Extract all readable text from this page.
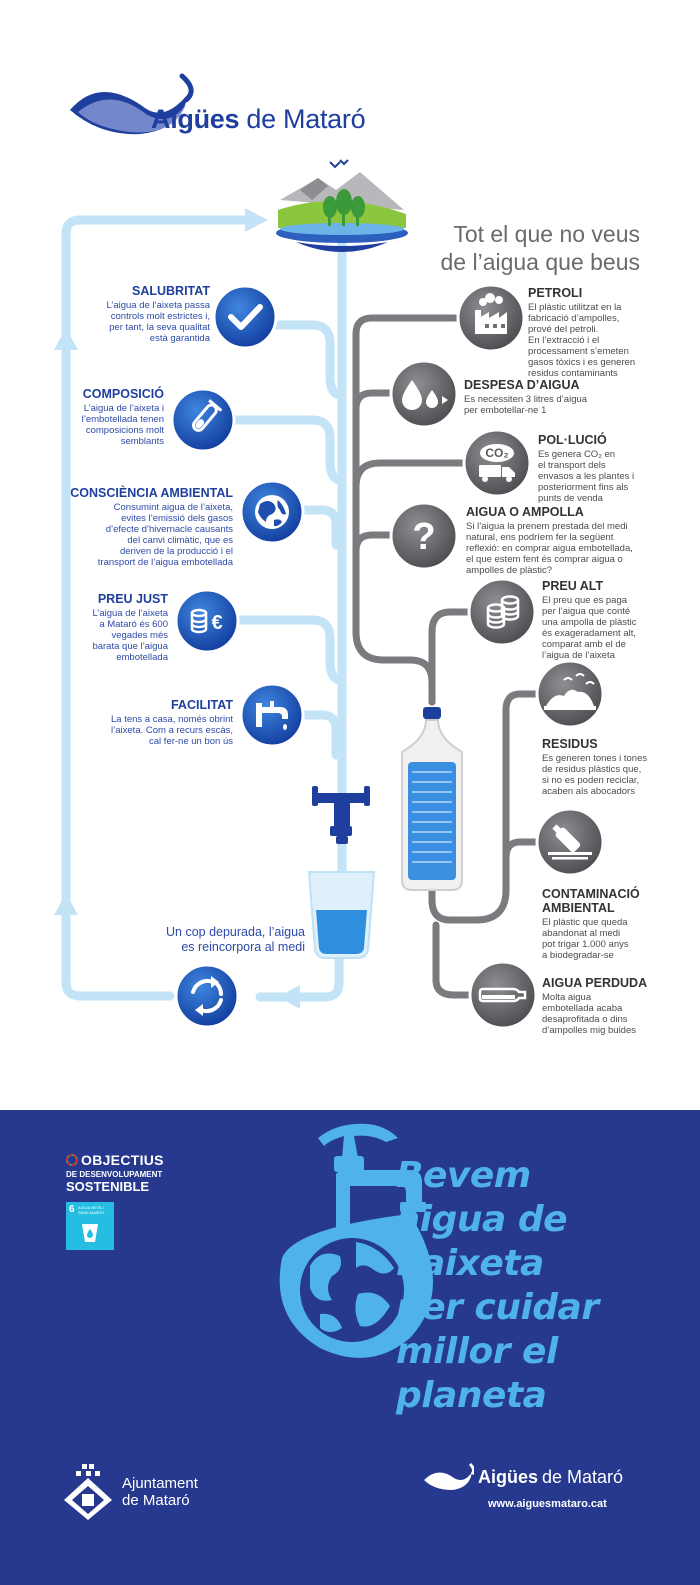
€
CO₂
?
Aigües de Mataró
Tot el que no veus
de l’aigua que beus
SALUBRITAT
L’aigua de l’aixeta passa
controls molt estrictes i,
per tant, la seva qualitat
està garantida
COMPOSICIÓ
L’aigua de l’aixeta i
l’embotellada tenen
composicions molt
semblants
CONSCIÈNCIA AMBIENTAL
Consumint aigua de l’aixeta,
evites l’emissió dels gasos
d’efecte d’hivernacle causants
del canvi climàtic, que es
deriven de la producció i el
transport de l’aigua embotellada
PREU JUST
L’aigua de l’aixeta
a Mataró és 600
vegades més
barata que l’aigua
embotellada
FACILITAT
La tens a casa, només obrint
l’aixeta. Com a recurs escàs,
cal fer-ne un bon ús
Un cop depurada, l’aigua
es reincorpora al medi
PETROLI
El plàstic utilitzat en la
fabricació d’ampolles,
prové del petroli.
En l’extracció i el
processament s’emeten
gasos tòxics i es generen
residus contaminants
DESPESA D’AIGUA
Es necessiten 3 litres d’aigua
per embotellar-ne 1
POL·LUCIÓ
Es genera CO₂ en
el transport dels
envasos a les plantes i
posteriorment fins als
punts de venda
AIGUA O AMPOLLA
Si l’aigua la prenem prestada del medi
natural, ens podríem fer la següent
reflexió: en comprar aigua embotellada,
el que estem fent és comprar aigua o
ampolles de plàstic?
PREU ALT
El preu que es paga
per l’aigua que conté
una ampolla de plàstic
és exageradament alt,
comparat amb el de
l’aigua de l’aixeta
RESIDUS
Es generen tones i tones
de residus plàstics que,
si no es poden reciclar,
acaben als abocadors
CONTAMINACIÓ
AMBIENTAL
El plàstic que queda
abandonat al medi
pot trigar 1.000 anys
a biodegradar-se
AIGUA PERDUDA
Molta aigua
embotellada acaba
desaprofitada o dins
d’ampolles mig buides
OBJECTIUS
DE DESENVOLUPAMENT
SOSTENIBLE
6 AIGUA NETA I
SANEJAMENT
Bevem
aigua de
l’aixeta
per cuidar
millor el
planeta
Ajuntament
de Mataró
Aigües de Mataró
www.aiguesmataro.cat
